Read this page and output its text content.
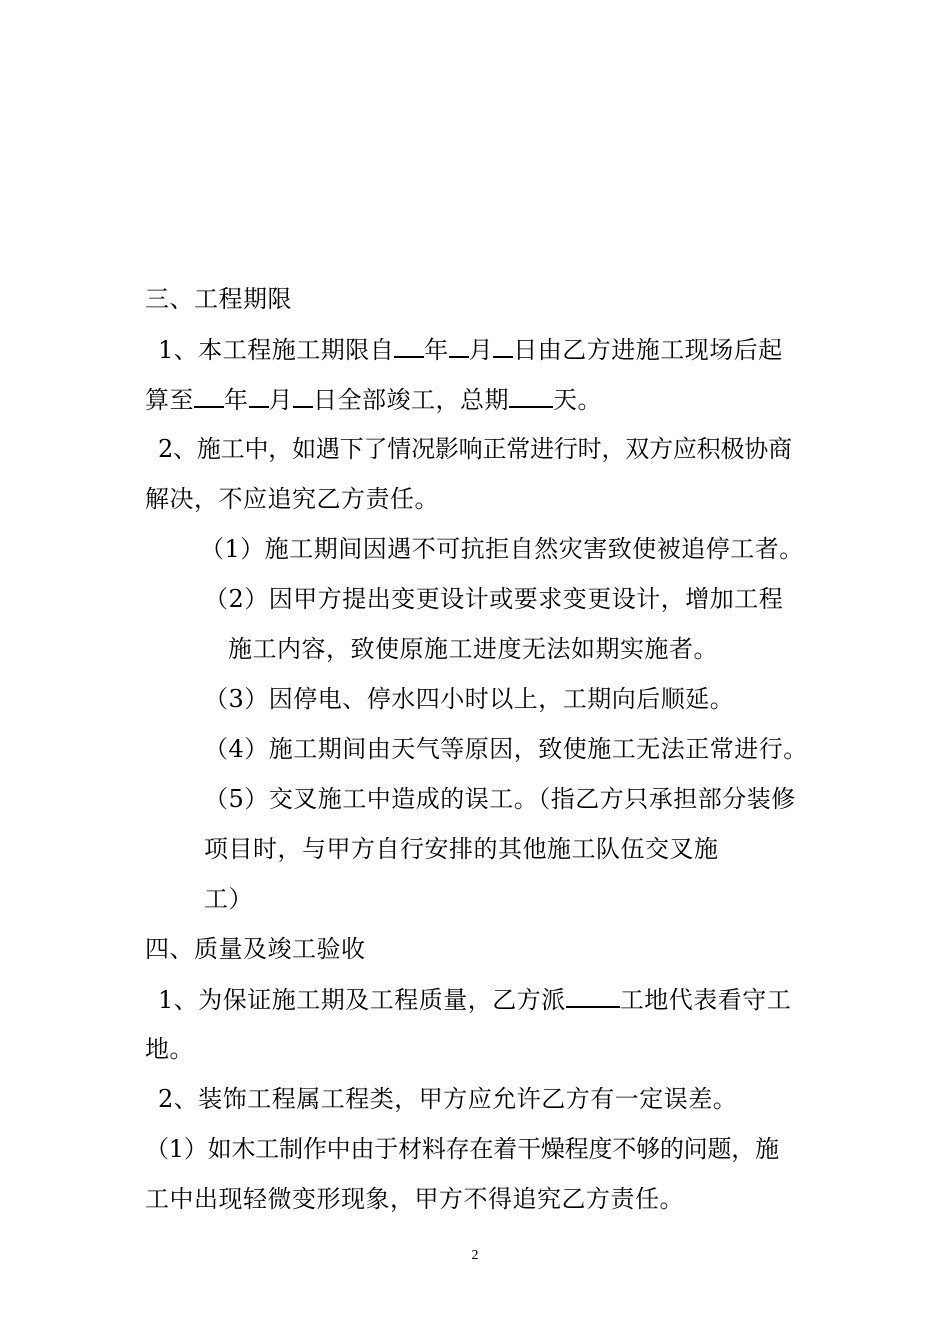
三、工程期限
1、本工程施工期限自 年 月 日由乙方进施工现场后起
算至 年 月 日全部竣工，总期 天。
2、施工中，如遇下了情况影响正常进行时，双方应积极协商
解决，不应追究乙方责任。
（1）施工期间因遇不可抗拒自然灾害致使被追停工者。
（2）因甲方提出变更设计或要求变更设计，增加工程
施工内容，致使原施工进度无法如期实施者。
（3）因停电、停水四小时以上，工期向后顺延。
（4）施工期间由天气等原因，致使施工无法正常进行。
（5）交叉施工中造成的误工。（指乙方只承担部分装修
项目时，与甲方自行安排的其他施工队伍交叉施
工）
四、质量及竣工验收
1、为保证施工期及工程质量，乙方派 工地代表看守工
地。
2、装饰工程属工程类，甲方应允许乙方有一定误差。
（1）如木工制作中由于材料存在着干燥程度不够的问题，施
工中出现轻微变形现象，甲方不得追究乙方责任。
2
